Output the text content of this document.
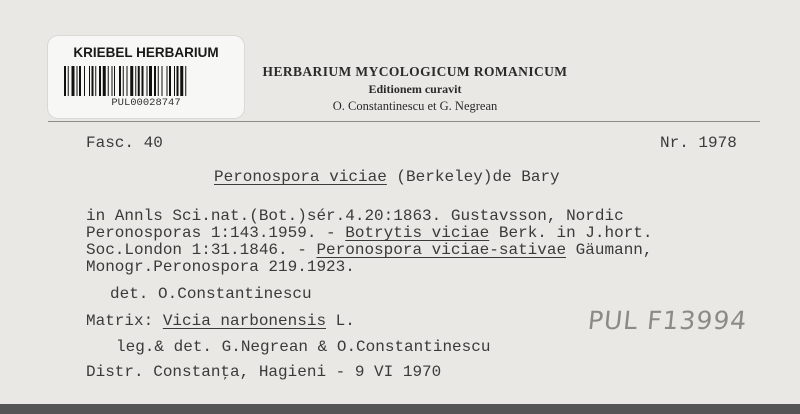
KRIEBEL HERBARIUM
PUL00028747
HERBARIUM MYCOLOGICUM ROMANICUM
Editionem curavit
O. Constantinescu et G. Negrean
Fasc. 40	Nr. 1978
Peronospora viciae (Berkeley)de Bary
in Annls Sci.nat.(Bot.)sér.4.20:1863. Gustavsson, Nordic
Peronosporas 1:143.1959. - Botrytis viciae Berk. in J.hort.
Soc.London 1:31.1846. - Peronospora viciae-sativae Gäumann,
Monogr.Peronospora 219.1923.
det. O.Constantinescu
Matrix: Vicia narbonensis L.
leg.& det. G.Negrean & O.Constantinescu
Distr. Constanţa, Hagieni - 9 VI 1970
PUL F13994
